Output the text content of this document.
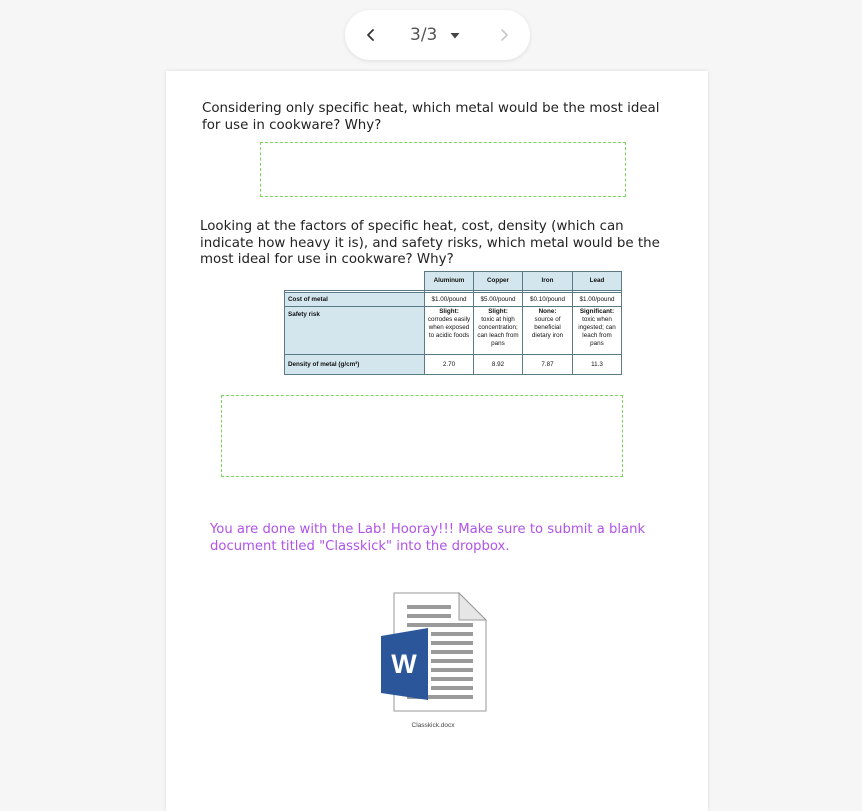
3/3

Considering only specific heat, which metal would be the most ideal
for use in cookware? Why?

Looking at the factors of specific heat, cost, density (which can
indicate how heavy it is), and safety risks, which metal would be the
most ideal for use in cookware? Why?

	Aluminum	Copper	Iron	Lead

Cost of metal	$1.00/pound	$5.00/pound	$0.10/pound	$1.00/pound
Safety risk	Slight:
corrodes easily when exposed to acidic foods	Slight:
toxic at high concentration; can leach from pans	None:
source of beneficial dietary iron	Significant:
toxic when ingested; can leach from pans
Density of metal (g/cm³)	2.70	8.92	7.87	11.3

You are done with the Lab! Hooray!!! Make sure to submit a blank
document titled "Classkick" into the dropbox.

W
Classkick.docx
